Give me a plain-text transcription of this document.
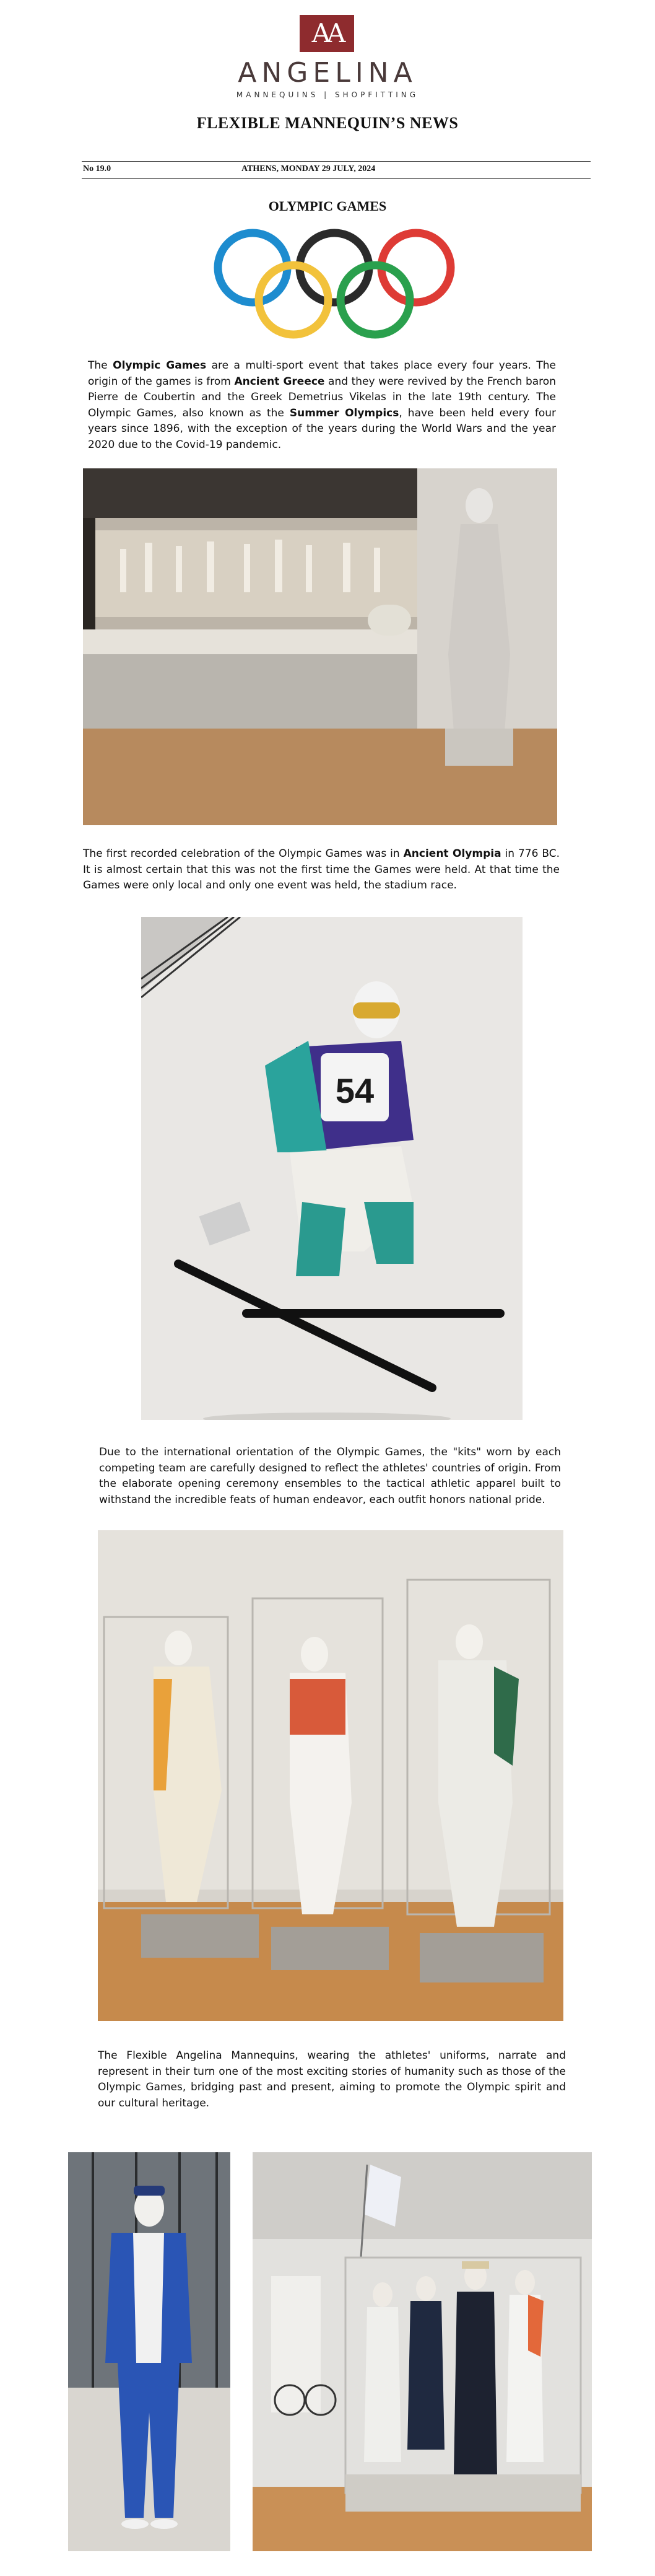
AA
ANGELINA
MANNEQUINS | SHOPFITTING
FLEXIBLE MANNEQUIN’S NEWS
No 19.0	ATHENS, MONDAY 29 JULY, 2024
OLYMPIC GAMES
The Olympic Games are a multi-sport event that takes place every four years. The origin of the games is from Ancient Greece and they were revived by the French baron Pierre de Coubertin and the Greek Demetrius Vikelas in the late 19th century. The Olympic Games, also known as the Summer Olympics, have been held every four years since 1896, with the exception of the years during the World Wars and the year 2020 due to the Covid-19 pandemic.
The first recorded celebration of the Olympic Games was in Ancient Olympia in 776 BC. It is almost certain that this was not the first time the Games were held. At that time the Games were only local and only one event was held, the stadium race.
54
Due to the international orientation of the Olympic Games, the "kits" worn by each competing team are carefully designed to reflect the athletes' countries of origin. From the elaborate opening ceremony ensembles to the tactical athletic apparel built to withstand the incredible feats of human endeavor, each outfit honors national pride.
The Flexible Angelina Mannequins, wearing the athletes' uniforms, narrate and represent in their turn one of the most exciting stories of humanity such as those of the Olympic Games, bridging past and present, aiming to promote the Olympic spirit and our cultural heritage.
